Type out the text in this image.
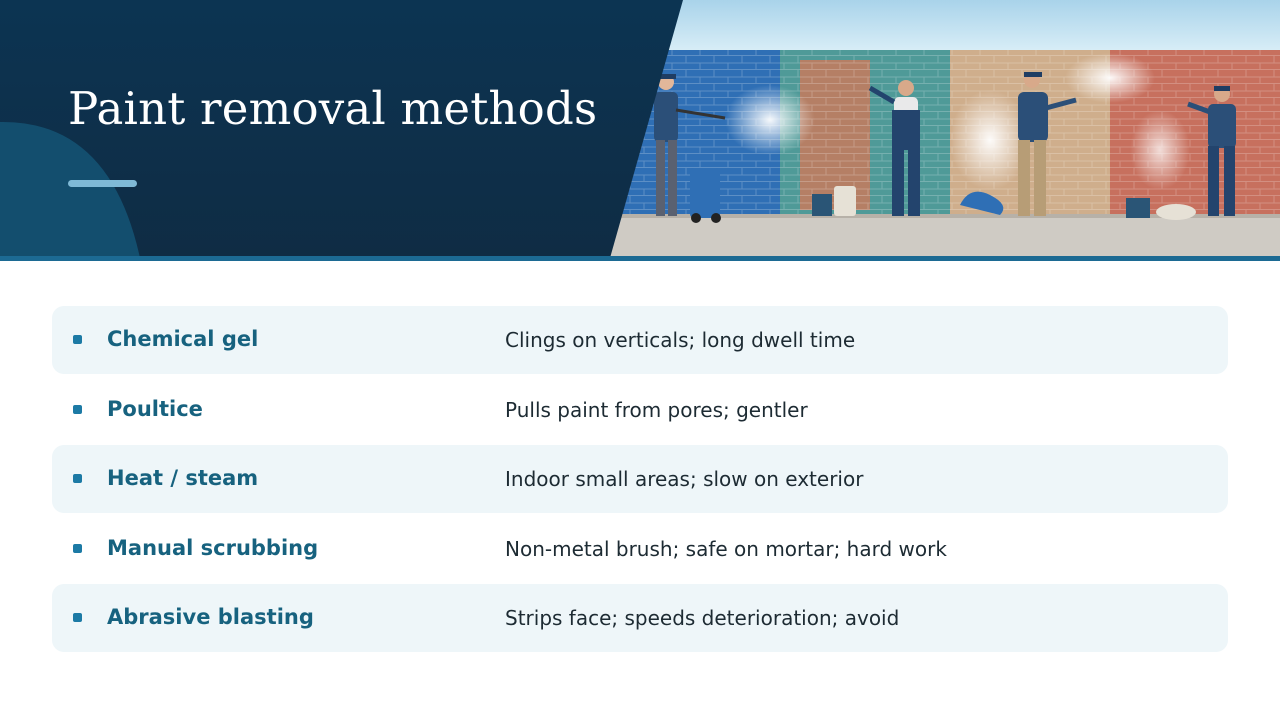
Paint removal methods
Chemical gel	Clings on verticals; long dwell time
Poultice	Pulls paint from pores; gentler
Heat / steam	Indoor small areas; slow on exterior
Manual scrubbing	Non-metal brush; safe on mortar; hard work
Abrasive blasting	Strips face; speeds deterioration; avoid
